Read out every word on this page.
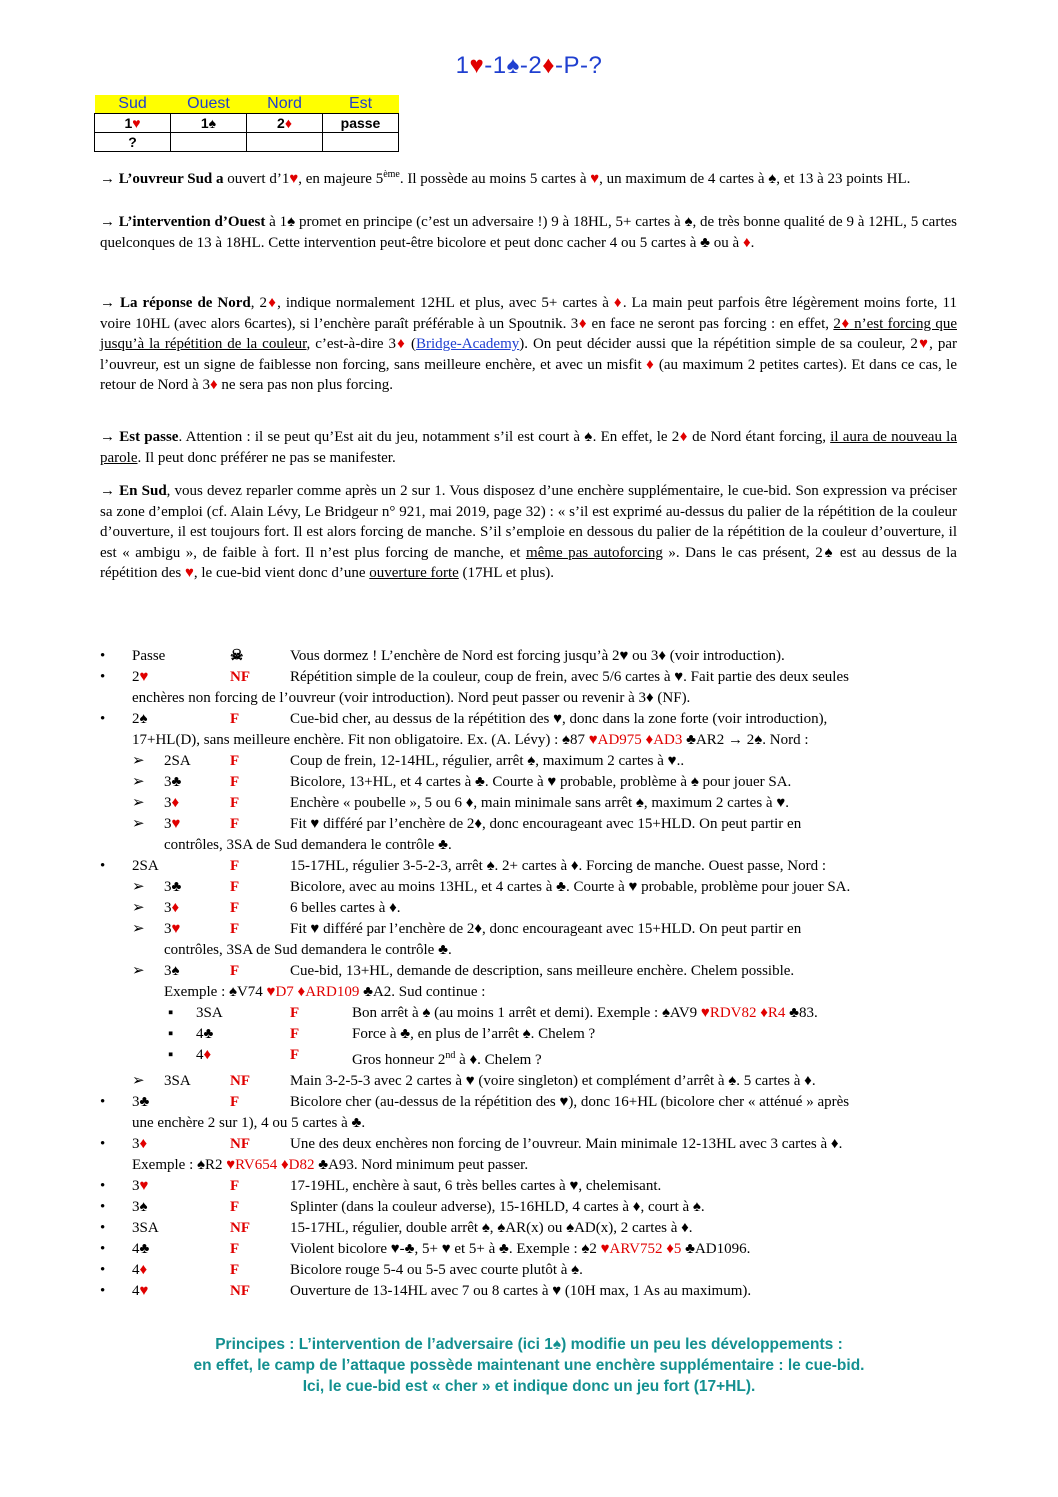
1♥-1♠-2♦-P-?
Sud	Ouest	Nord	Est
1♥	1♠	2♦	passe
?			
→ L’ouvreur Sud a ouvert d’1♥, en majeure 5ème. Il possède au moins 5 cartes à ♥, un maximum de 4 cartes à ♠, et 13 à 23 points HL.
→ L’intervention d’Ouest à 1♠ promet en principe (c’est un adversaire !) 9 à 18HL, 5+ cartes à ♠, de très bonne qualité de 9 à 12HL, 5 cartes quelconques de 13 à 18HL. Cette intervention peut-être bicolore et peut donc cacher 4 ou 5 cartes à ♣ ou à ♦.
→ La réponse de Nord, 2♦, indique normalement 12HL et plus, avec 5+ cartes à ♦. La main peut parfois être légèrement moins forte, 11 voire 10HL (avec alors 6cartes), si l’enchère paraît préférable à un Spoutnik. 3♦ en face ne seront pas forcing : en effet, 2♦ n’est forcing que jusqu’à la répétition de la couleur, c’est-à-dire 3♦ (Bridge-Academy). On peut décider aussi que la répétition simple de sa couleur, 2♥, par l’ouvreur, est un signe de faiblesse non forcing, sans meilleure enchère, et avec un misfit ♦ (au maximum 2 petites cartes). Et dans ce cas, le retour de Nord à 3♦ ne sera pas non plus forcing.
→ Est passe. Attention : il se peut qu’Est ait du jeu, notamment s’il est court à ♠. En effet, le 2♦ de Nord étant forcing, il aura de nouveau la parole. Il peut donc préférer ne pas se manifester.
→ En Sud, vous devez reparler comme après un 2 sur 1. Vous disposez d’une enchère supplémentaire, le cue-bid. Son expression va préciser sa zone d’emploi (cf. Alain Lévy, Le Bridgeur n° 921, mai 2019, page 32) : « s’il est exprimé au-dessus du palier de la répétition de la couleur d’ouverture, il est toujours fort. Il est alors forcing de manche. S’il s’emploie en dessous du palier de la répétition de la couleur d’ouverture, il est « ambigu », de faible à fort. Il n’est plus forcing de manche, et même pas autoforcing ». Dans le cas présent, 2♠ est au dessus de la répétition des ♥, le cue-bid vient donc d’une ouverture forte (17HL et plus).
• Passe	☠	Vous dormez ! L’enchère de Nord est forcing jusqu’à 2♥ ou 3♦ (voir introduction).
• 2♥	NF	Répétition simple de la couleur, coup de frein, avec 5/6 cartes à ♥. Fait partie des deux seules
enchères non forcing de l’ouvreur (voir introduction). Nord peut passer ou revenir à 3♦ (NF).
• 2♠	F	Cue-bid cher, au dessus de la répétition des ♥, donc dans la zone forte (voir introduction),
17+HL(D), sans meilleure enchère. Fit non obligatoire. Ex. (A. Lévy) : ♠87 ♥AD975 ♦AD3 ♣AR2 → 2♠. Nord :
➢ 2SA	F	Coup de frein, 12-14HL, régulier, arrêt ♠, maximum 2 cartes à ♥..
➢ 3♣	F	Bicolore, 13+HL, et 4 cartes à ♣. Courte à ♥ probable, problème à ♠ pour jouer SA.
➢ 3♦	F	Enchère « poubelle », 5 ou 6 ♦, main minimale sans arrêt ♠, maximum 2 cartes à ♥.
➢ 3♥	F	Fit ♥ différé par l’enchère de 2♦, donc encourageant avec 15+HLD. On peut partir en
contrôles, 3SA de Sud demandera le contrôle ♣.
• 2SA	F	15-17HL, régulier 3-5-2-3, arrêt ♠. 2+ cartes à ♦. Forcing de manche. Ouest passe, Nord :
➢ 3♣	F	Bicolore, avec au moins 13HL, et 4 cartes à ♣. Courte à ♥ probable, problème pour jouer SA.
➢ 3♦	F	6 belles cartes à ♦.
➢ 3♥	F	Fit ♥ différé par l’enchère de 2♦, donc encourageant avec 15+HLD. On peut partir en
contrôles, 3SA de Sud demandera le contrôle ♣.
➢ 3♠	F	Cue-bid, 13+HL, demande de description, sans meilleure enchère. Chelem possible.
Exemple : ♠V74 ♥D7 ♦ARD109 ♣A2. Sud continue :
▪ 3SA	F	Bon arrêt à ♠ (au moins 1 arrêt et demi). Exemple : ♠AV9 ♥RDV82 ♦R4 ♣83.
▪ 4♣	F	Force à ♣, en plus de l’arrêt ♠. Chelem ?
▪ 4♦	F	Gros honneur 2nd à ♦. Chelem ?
➢ 3SA	NF	Main 3-2-5-3 avec 2 cartes à ♥ (voire singleton) et complément d’arrêt à ♠. 5 cartes à ♦.
• 3♣	F	Bicolore cher (au-dessus de la répétition des ♥), donc 16+HL (bicolore cher « atténué » après
une enchère 2 sur 1), 4 ou 5 cartes à ♣.
• 3♦	NF	Une des deux enchères non forcing de l’ouvreur. Main minimale 12-13HL avec 3 cartes à ♦.
Exemple : ♠R2 ♥RV654 ♦D82 ♣A93. Nord minimum peut passer.
• 3♥	F	17-19HL, enchère à saut, 6 très belles cartes à ♥, chelemisant.
• 3♠	F	Splinter (dans la couleur adverse), 15-16HLD, 4 cartes à ♦, court à ♠.
• 3SA	NF	15-17HL, régulier, double arrêt ♠, ♠AR(x) ou ♠AD(x), 2 cartes à ♦.
• 4♣	F	Violent bicolore ♥-♣, 5+ ♥ et 5+ à ♣. Exemple : ♠2 ♥ARV752 ♦5 ♣AD1096.
• 4♦	F	Bicolore rouge 5-4 ou 5-5 avec courte plutôt à ♠.
• 4♥	NF	Ouverture de 13-14HL avec 7 ou 8 cartes à ♥ (10H max, 1 As au maximum).
Principes : L’intervention de l’adversaire (ici 1♠) modifie un peu les développements :
en effet, le camp de l’attaque possède maintenant une enchère supplémentaire : le cue-bid.
Ici, le cue-bid est « cher » et indique donc un jeu fort (17+HL).
